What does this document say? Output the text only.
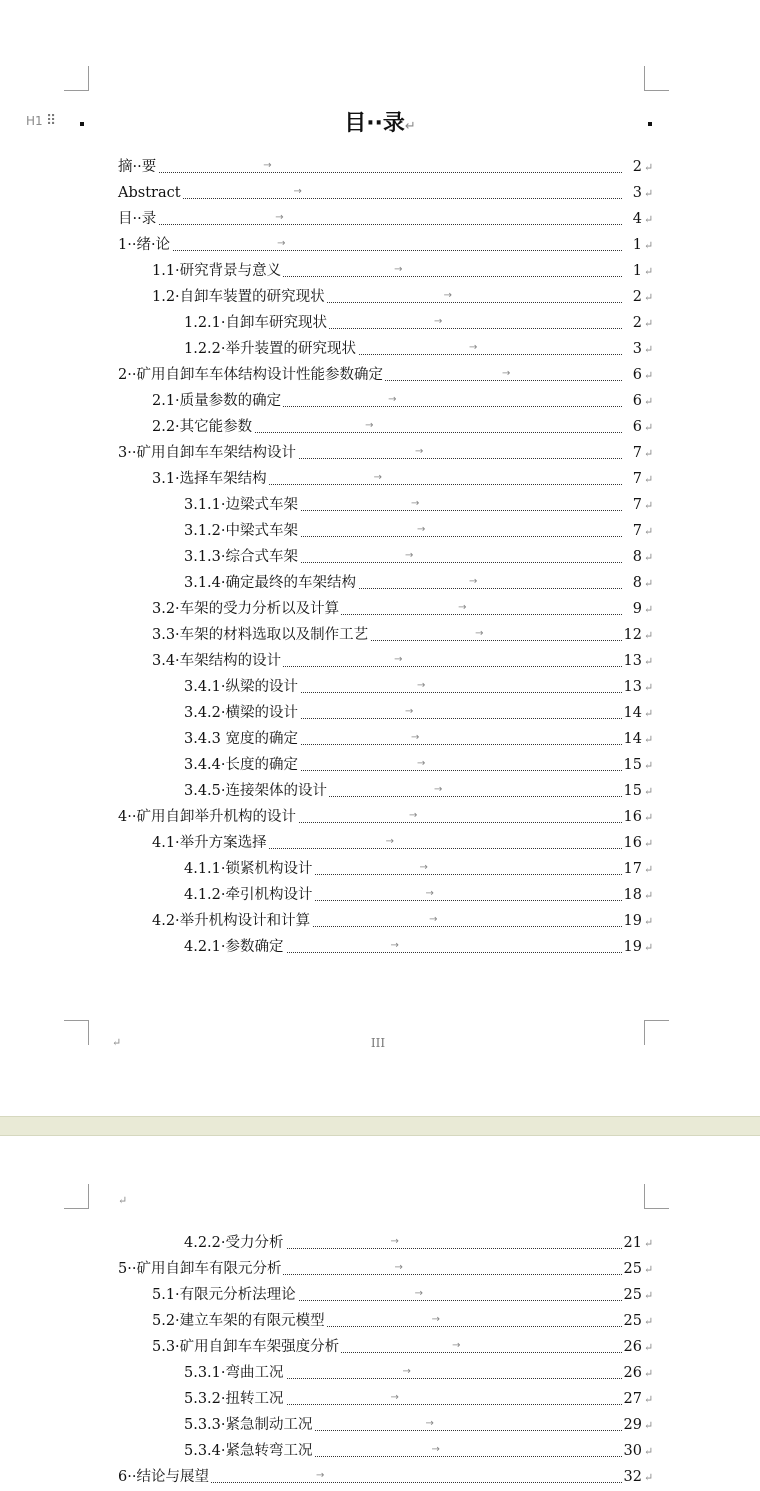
H1 ⠿	目··录↵
摘··要	→	2 ↵
Abstract	→	3 ↵
目··录	→	4 ↵
1··绪·论	→	1 ↵
1.1·研究背景与意义	→	1 ↵
1.2·自卸车装置的研究现状	→	2 ↵
1.2.1·自卸车研究现状	→	2 ↵
1.2.2·举升装置的研究现状	→	3 ↵
2··矿用自卸车车体结构设计性能参数确定	→	6 ↵
2.1·质量参数的确定	→	6 ↵
2.2·其它能参数	→	6 ↵
3··矿用自卸车车架结构设计	→	7 ↵
3.1·选择车架结构	→	7 ↵
3.1.1·边梁式车架	→	7 ↵
3.1.2·中梁式车架	→	7 ↵
3.1.3·综合式车架	→	8 ↵
3.1.4·确定最终的车架结构	→	8 ↵
3.2·车架的受力分析以及计算	→	9 ↵
3.3·车架的材料选取以及制作工艺	→	12 ↵
3.4·车架结构的设计	→	13 ↵
3.4.1·纵梁的设计	→	13 ↵
3.4.2·横梁的设计	→	14 ↵
3.4.3 宽度的确定	→	14 ↵
3.4.4·长度的确定	→	15 ↵
3.4.5·连接架体的设计	→	15 ↵
4··矿用自卸举升机构的设计	→	16 ↵
4.1·举升方案选择	→	16 ↵
4.1.1·锁紧机构设计	→	17 ↵
4.1.2·牵引机构设计	→	18 ↵
4.2·举升机构设计和计算	→	19 ↵
4.2.1·参数确定	→	19 ↵
↵	III
↵
4.2.2·受力分析	→	21 ↵
5··矿用自卸车有限元分析	→	25 ↵
5.1·有限元分析法理论	→	25 ↵
5.2·建立车架的有限元模型	→	25 ↵
5.3·矿用自卸车车架强度分析	→	26 ↵
5.3.1·弯曲工况	→	26 ↵
5.3.2·扭转工况	→	27 ↵
5.3.3·紧急制动工况	→	29 ↵
5.3.4·紧急转弯工况	→	30 ↵
6··结论与展望	→	32 ↵
